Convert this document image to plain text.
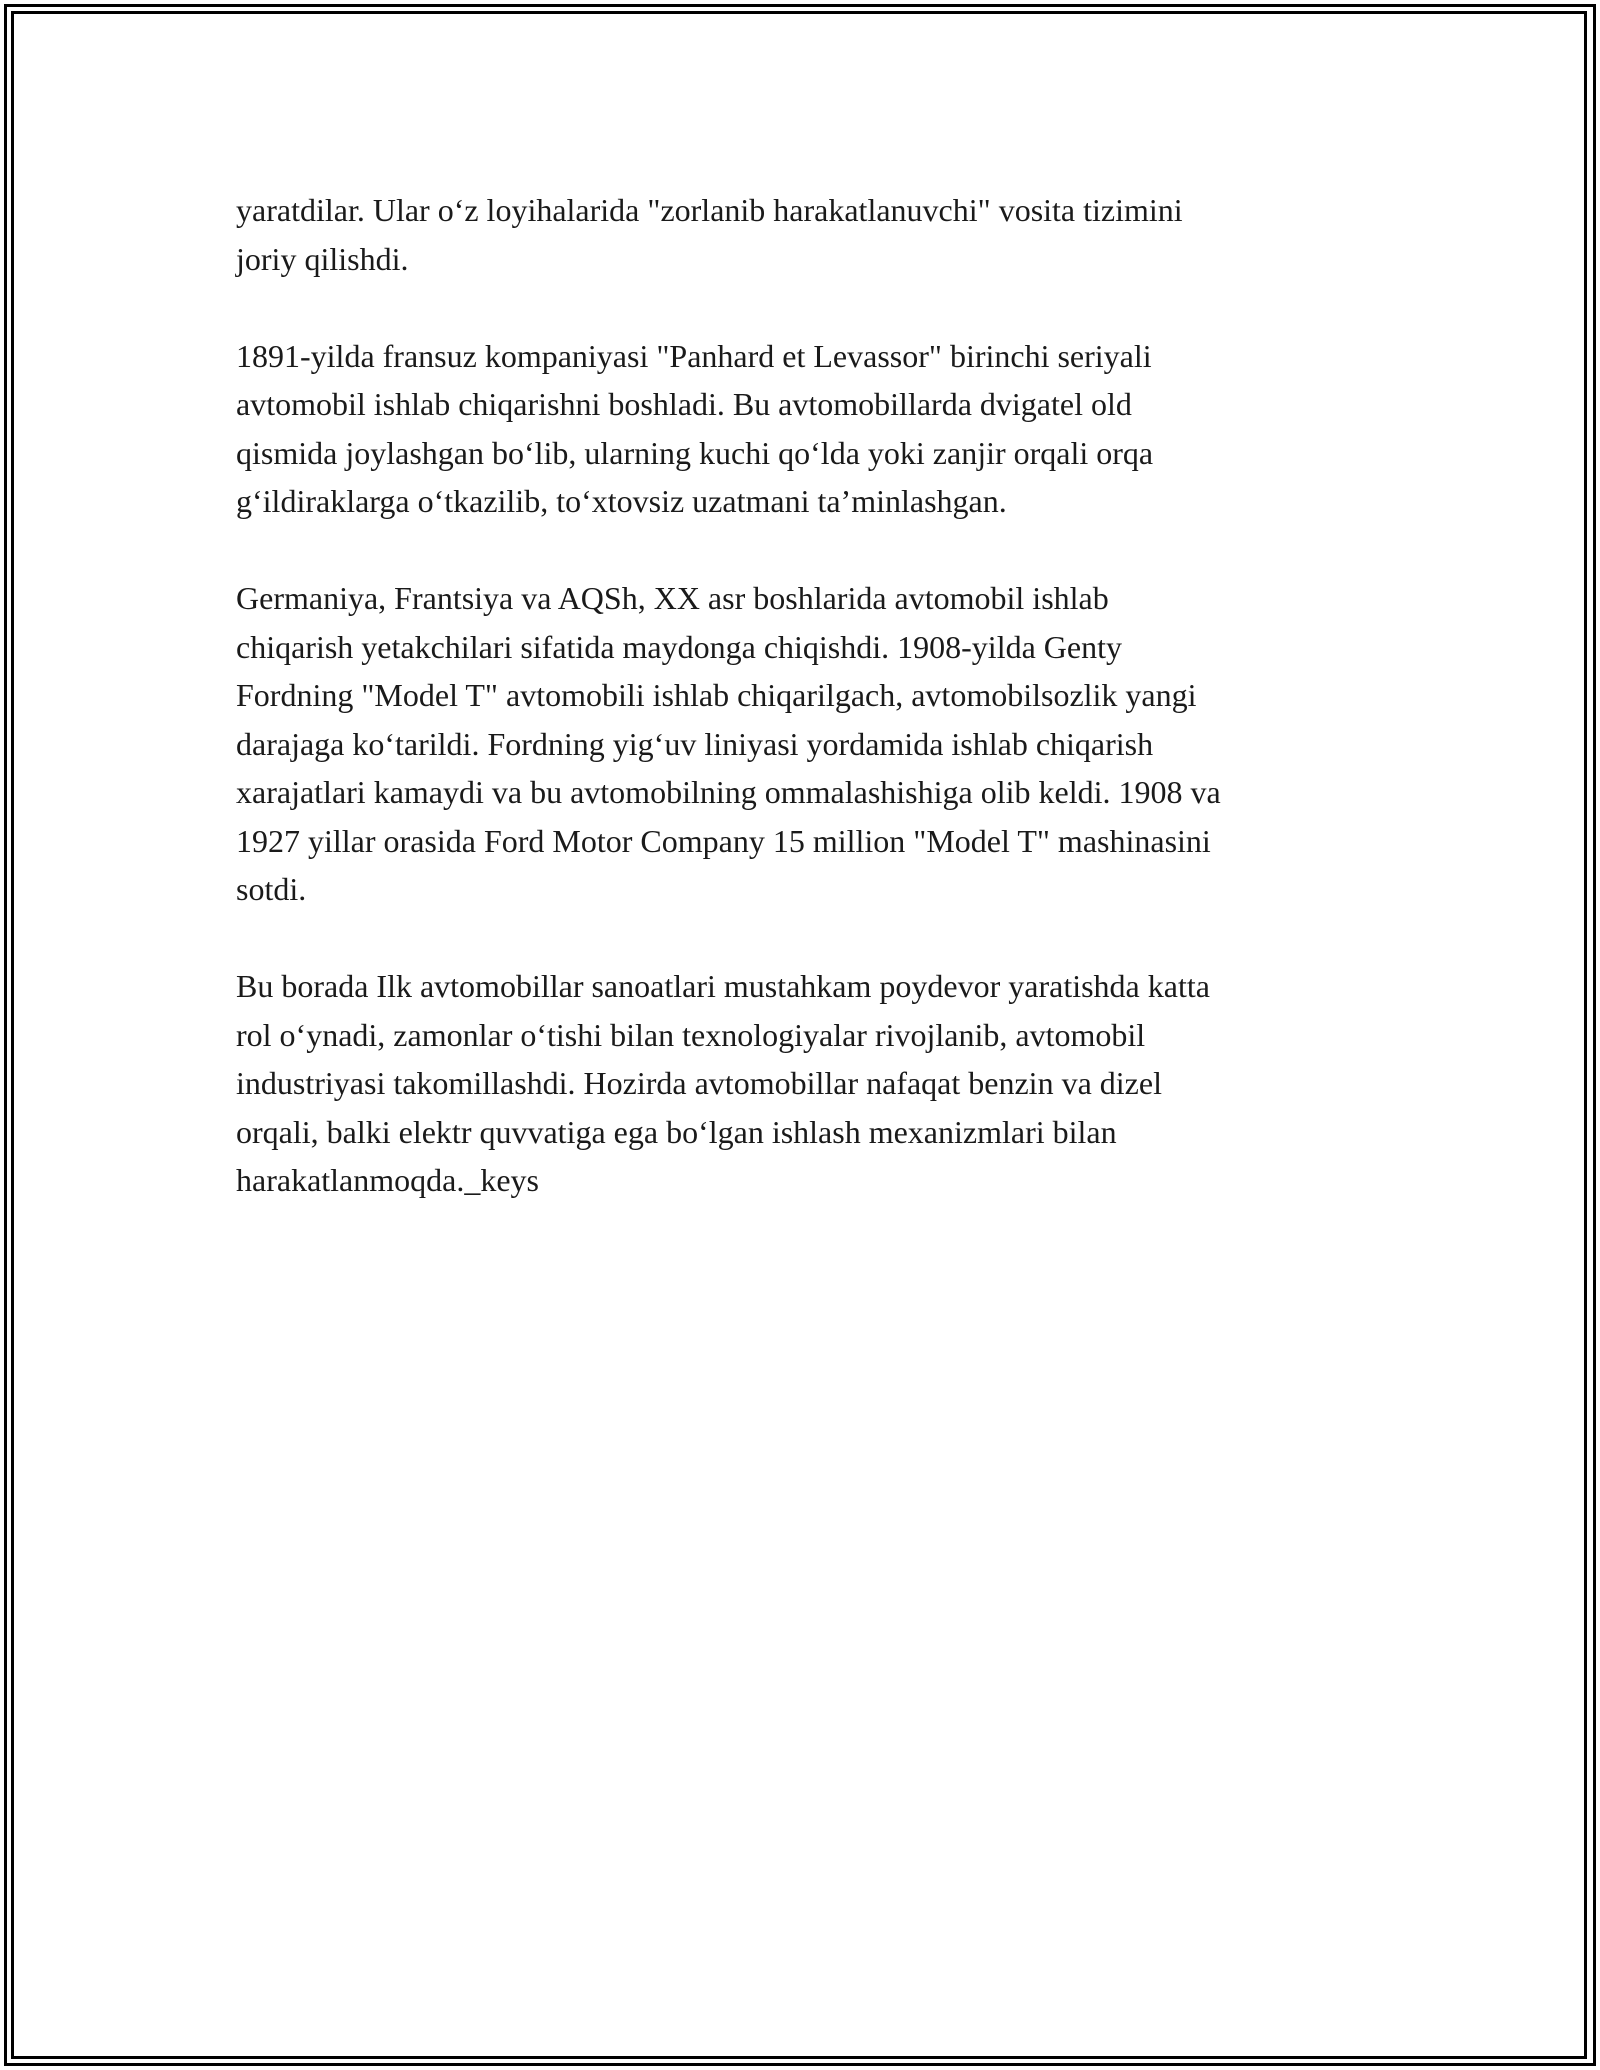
yaratdilar. Ular o‘z loyihalarida "zorlanib harakatlanuvchi" vosita tizimini
joriy qilishdi.

1891-yilda fransuz kompaniyasi "Panhard et Levassor" birinchi seriyali
avtomobil ishlab chiqarishni boshladi. Bu avtomobillarda dvigatel old
qismida joylashgan bo‘lib, ularning kuchi qo‘lda yoki zanjir orqali orqa
g‘ildiraklarga o‘tkazilib, to‘xtovsiz uzatmani ta’minlashgan.

Germaniya, Frantsiya va AQSh, XX asr boshlarida avtomobil ishlab
chiqarish yetakchilari sifatida maydonga chiqishdi. 1908-yilda Genty
Fordning "Model T" avtomobili ishlab chiqarilgach, avtomobilsozlik yangi
darajaga ko‘tarildi. Fordning yig‘uv liniyasi yordamida ishlab chiqarish
xarajatlari kamaydi va bu avtomobilning ommalashishiga olib keldi. 1908 va
1927 yillar orasida Ford Motor Company 15 million "Model T" mashinasini
sotdi.

Bu borada Ilk avtomobillar sanoatlari mustahkam poydevor yaratishda katta
rol o‘ynadi, zamonlar o‘tishi bilan texnologiyalar rivojlanib, avtomobil
industriyasi takomillashdi. Hozirda avtomobillar nafaqat benzin va dizel
orqali, balki elektr quvvatiga ega bo‘lgan ishlash mexanizmlari bilan
harakatlanmoqda._keys
